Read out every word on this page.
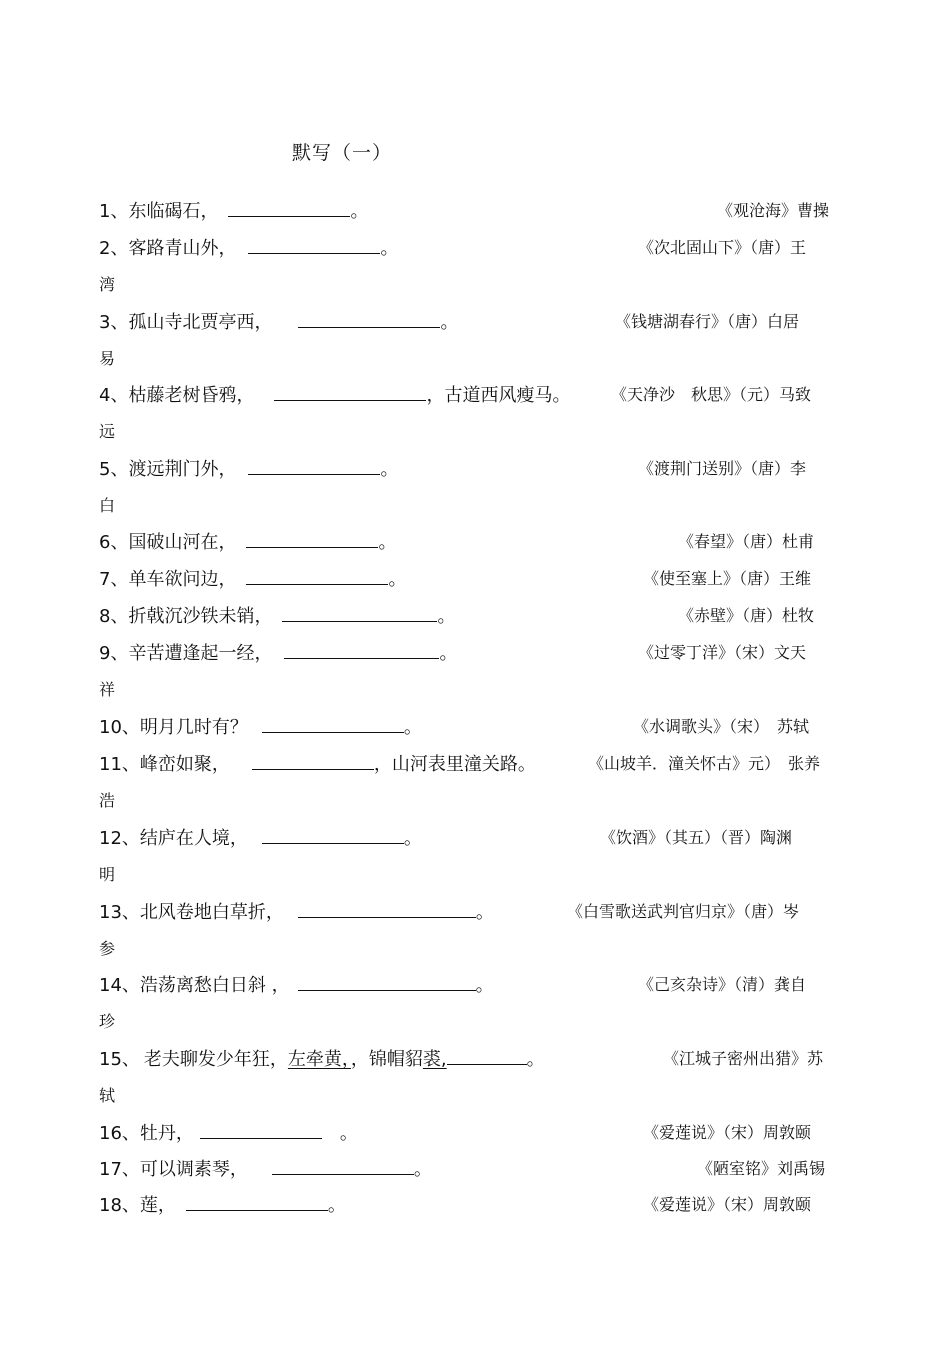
默写（一）
1、东临碣石，	。	《观沧海》曹操
2、客路青山外，	。	《次北固山下》（唐）王
湾
3、孤山寺北贾亭西，	。	《钱塘湖春行》（唐）白居
易
4、枯藤老树昏鸦，	，古道西风瘦马。	《天净沙　秋思》（元）马致
远
5、渡远荆门外，	。	《渡荆门送别》（唐）李
白
6、国破山河在，	。	《春望》（唐）杜甫
7、单车欲问边，	。	《使至塞上》（唐）王维
8、折戟沉沙铁未销，	。	《赤壁》（唐）杜牧
9、辛苦遭逢起一经，	。	《过零丁洋》（宋）文天
祥
10、明月几时有？	。	《水调歌头》（宋）　苏轼
11、峰峦如聚，	，山河表里潼关路。	《山坡羊．潼关怀古》元）　张养
浩
12、结庐在人境，	。	《饮酒》（其五）（晋）陶渊
明
13、北风卷地白草折，	。	《白雪歌送武判官归京》（唐）岑
参
14、浩荡离愁白日斜 ，	。	《己亥杂诗》（清）龚自
珍
15、 老夫聊发少年狂，左牵黄，，锦帽貂裘,	。	《江城子密州出猎》苏
轼
16、牡丹，	　。	《爱莲说》（宋）周敦颐
17、可以调素琴，	。	《陋室铭》刘禹锡
18、莲，	。	《爱莲说》（宋）周敦颐
